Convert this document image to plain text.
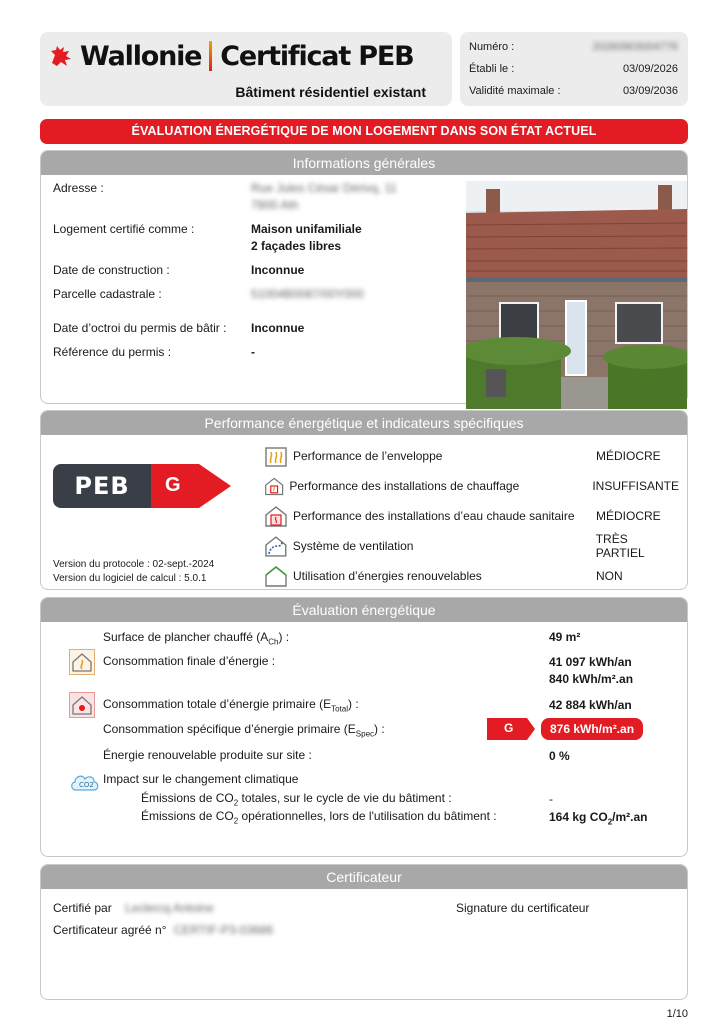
Wallonie Certificat PEB
Bâtiment résidentiel existant
Numéro :	20260903004776
Établi le :	03/09/2026
Validité maximale :	03/09/2036
ÉVALUATION ÉNERGÉTIQUE DE MON LOGEMENT DANS SON ÉTAT ACTUEL
Informations générales
Adresse :	Rue Jules César Dérivq, 11
7800 Ath
Logement certifié comme :	Maison unifamiliale
2 façades libres
Date de construction :	Inconnue
Parcelle cadastrale :	51004B0087/00Y000
Date d’octroi du permis de bâtir : Inconnue
Référence du permis :	-
Performance énergétique et indicateurs spécifiques
PEB	G
Version du protocole : 02-sept.-2024
Version du logiciel de calcul : 5.0.1
Performance de l’enveloppe	MÉDIOCRE
Performance des installations de chauffage	INSUFFISANTE
Performance des installations d’eau chaude sanitaire	MÉDIOCRE
Système de ventilation	TRÈS PARTIEL
Utilisation d’énergies renouvelables	NON
Évaluation énergétique
Surface de plancher chauffé $(A_{Ch})$ :	49 m²
Consommation finale d’énergie :	41 097 kWh/an
840 kWh/m².an
Consommation totale d’énergie primaire $(E_{Total})$ :	42 884 kWh/an
Consommation spécifique d’énergie primaire $(E_{Spec})$ :	G	876 kWh/m².an
Énergie renouvelable produite sur site :	0 %
CO2 Impact sur le changement climatique
Émissions de $CO_2$ totales, sur le cycle de vie du bâtiment :	-
Émissions de $CO_2$ opérationnelles, lors de l'utilisation du bâtiment :	164 kg $CO_2/m^2.an$
Certificateur
Certifié par Leclercq Antoine
Certificateur agréé n° CERTIF-P3-03686
Signature du certificateur
1/10
